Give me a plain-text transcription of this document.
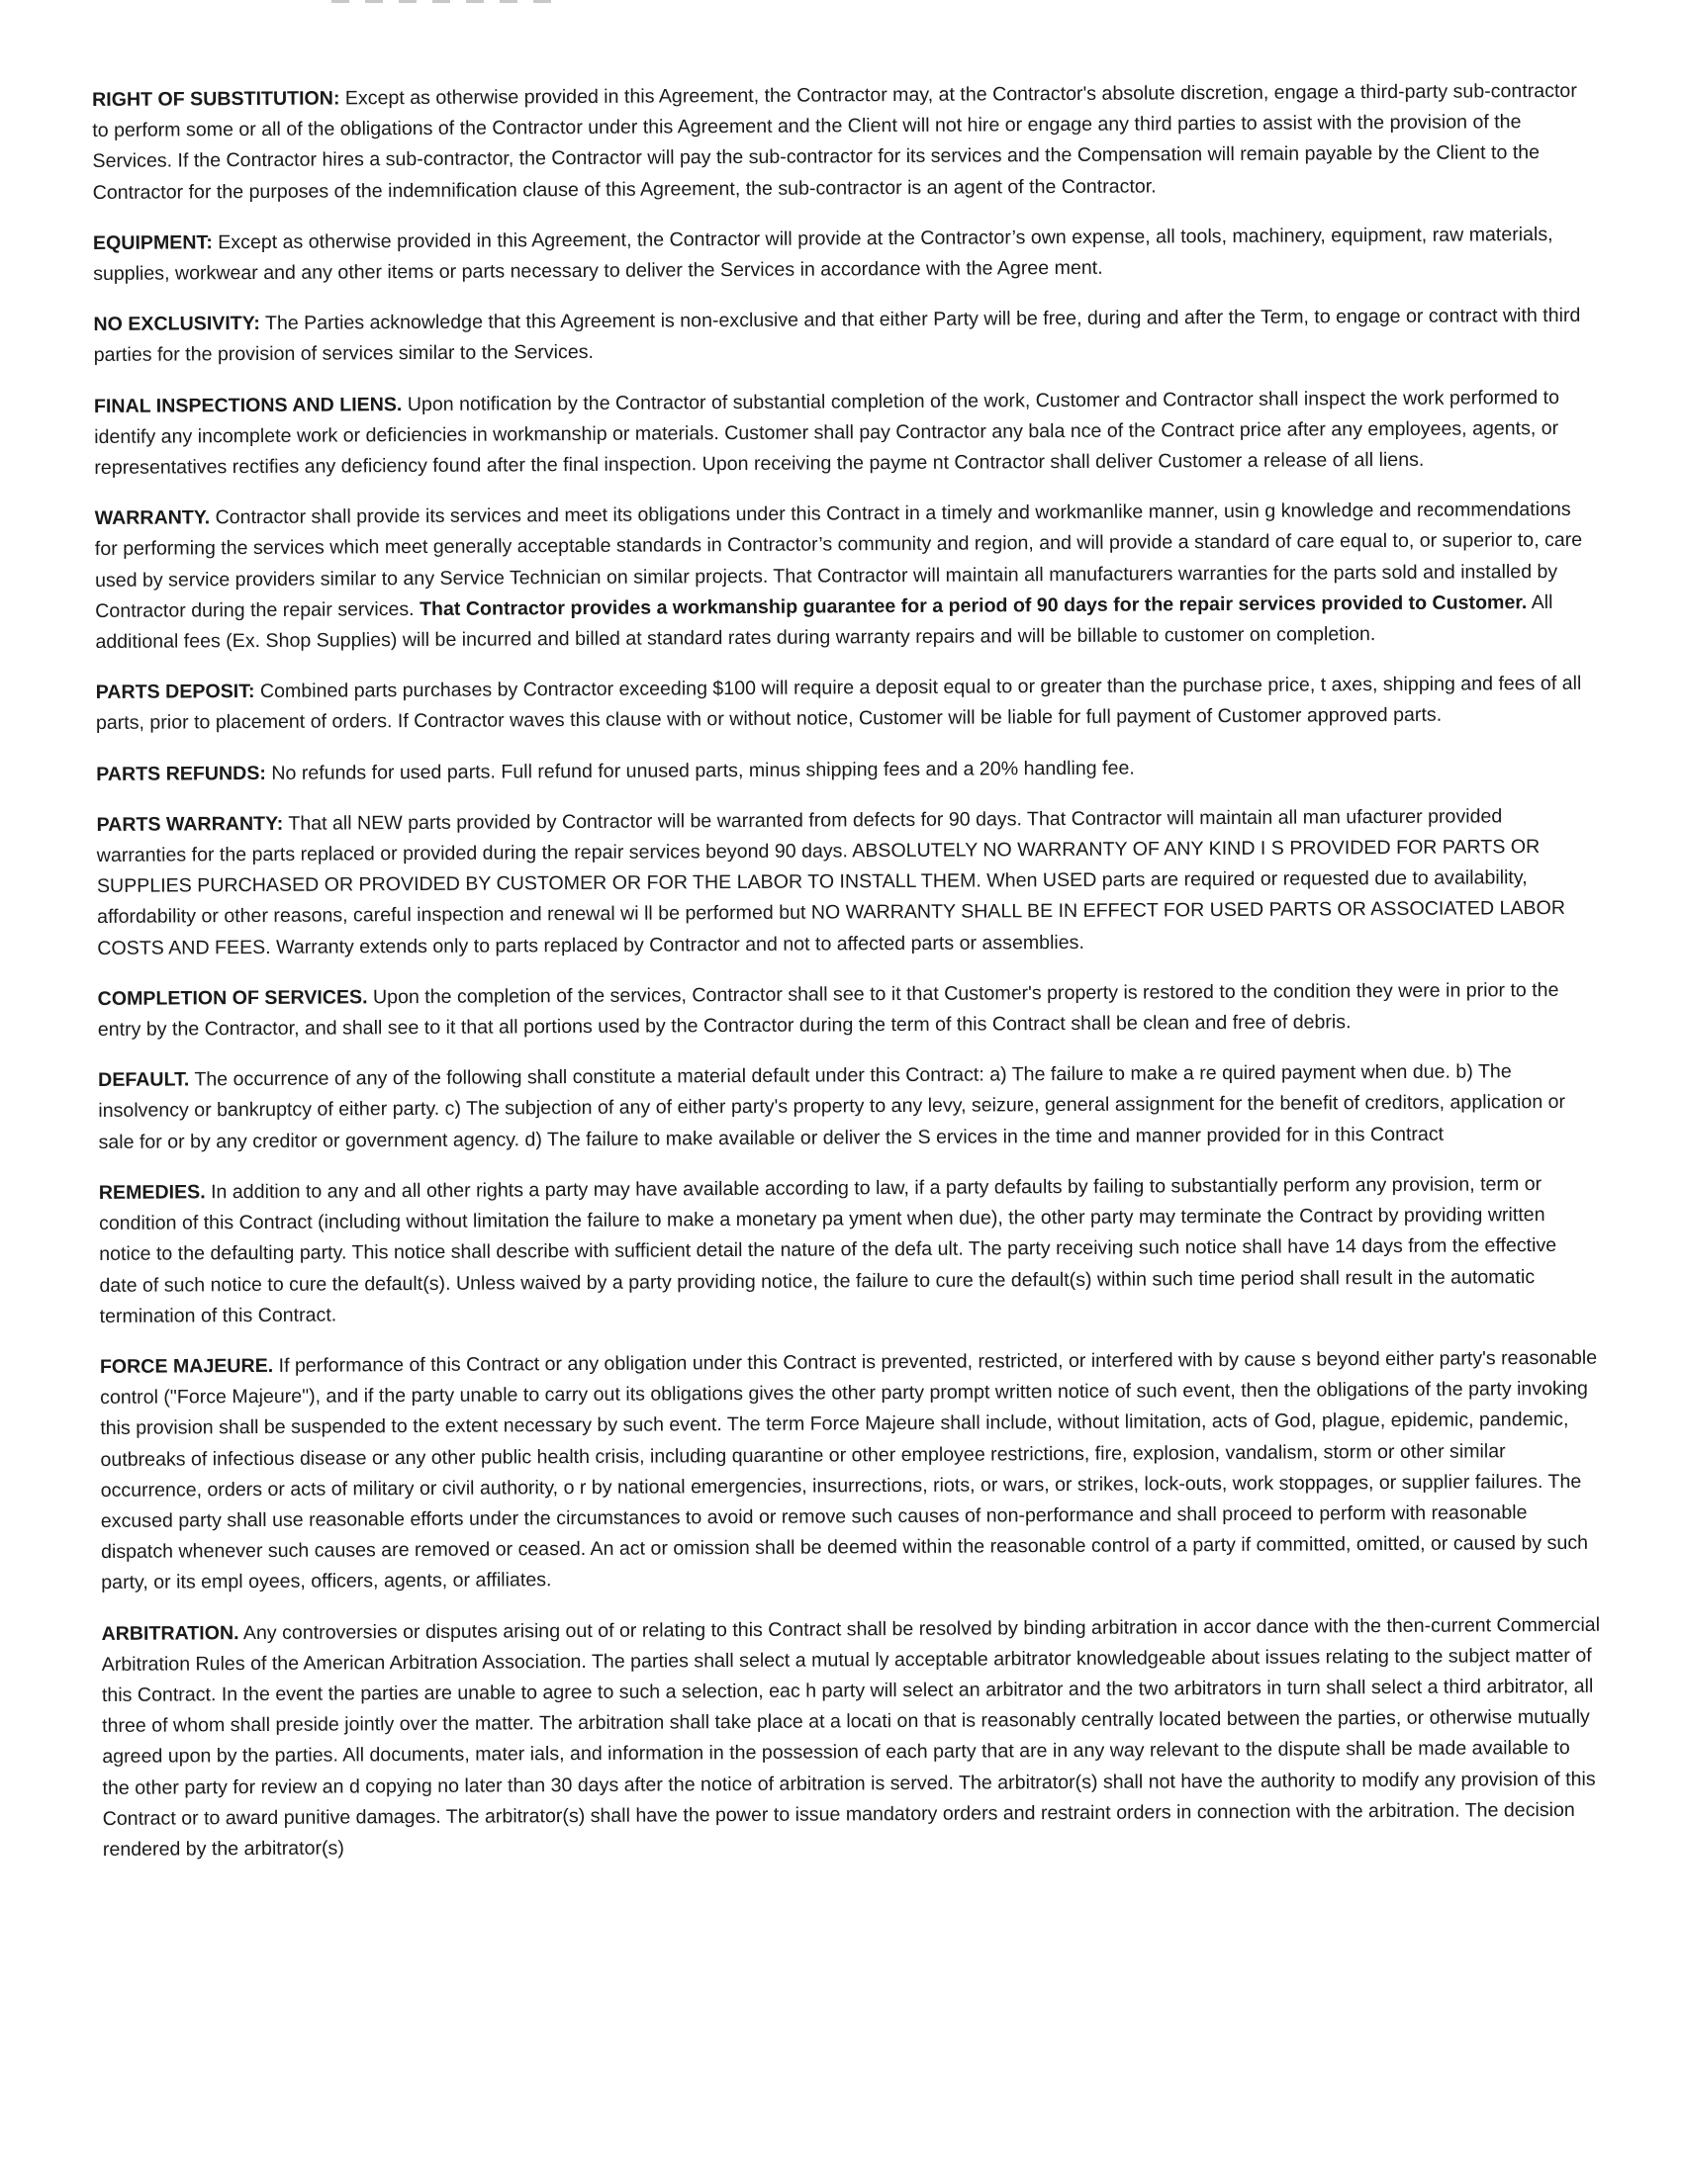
RIGHT OF SUBSTITUTION: Except as otherwise provided in this Agreement, the Contractor may, at the Contractor's absolute discretion, engage a third-party sub-contractor to perform some or all of the obligations of the Contractor under this Agreement and the Client will not hire or engage any third parties to assist with the provision of the Services. If the Contractor hires a sub-contractor, the Contractor will pay the sub-contractor for its services and the Compensation will remain payable by the Client to the Contractor for the purposes of the indemnification clause of this Agreement, the sub-contractor is an agent of the Contractor.

EQUIPMENT: Except as otherwise provided in this Agreement, the Contractor will provide at the Contractor’s own expense, all tools, machinery, equipment, raw materials, supplies, workwear and any other items or parts necessary to deliver the Services in accordance with the Agree ment.

NO EXCLUSIVITY: The Parties acknowledge that this Agreement is non-exclusive and that either Party will be free, during and after the Term, to engage or contract with third parties for the provision of services similar to the Services.

FINAL INSPECTIONS AND LIENS. Upon notification by the Contractor of substantial completion of the work, Customer and Contractor shall inspect the work performed to identify any incomplete work or deficiencies in workmanship or materials. Customer shall pay Contractor any bala nce of the Contract price after any employees, agents, or representatives rectifies any deficiency found after the final inspection. Upon receiving the payme nt Contractor shall deliver Customer a release of all liens.

WARRANTY. Contractor shall provide its services and meet its obligations under this Contract in a timely and workmanlike manner, usin g knowledge and recommendations for performing the services which meet generally acceptable standards in Contractor’s community and region, and will provide a standard of care equal to, or superior to, care used by service providers similar to any Service Technician on similar projects. That Contractor will maintain all manufacturers warranties for the parts sold and installed by Contractor during the repair services. That Contractor provides a workmanship guarantee for a period of 90 days for the repair services provided to Customer. All additional fees (Ex. Shop Supplies) will be incurred and billed at standard rates during warranty repairs and will be billable to customer on completion.

PARTS DEPOSIT: Combined parts purchases by Contractor exceeding $100 will require a deposit equal to or greater than the purchase price, t axes, shipping and fees of all parts, prior to placement of orders. If Contractor waves this clause with or without notice, Customer will be liable for full payment of Customer approved parts.

PARTS REFUNDS: No refunds for used parts. Full refund for unused parts, minus shipping fees and a 20% handling fee.

PARTS WARRANTY: That all NEW parts provided by Contractor will be warranted from defects for 90 days. That Contractor will maintain all man ufacturer provided warranties for the parts replaced or provided during the repair services beyond 90 days. ABSOLUTELY NO WARRANTY OF ANY KIND I S PROVIDED FOR PARTS OR SUPPLIES PURCHASED OR PROVIDED BY CUSTOMER OR FOR THE LABOR TO INSTALL THEM. When USED parts are required or requested due to availability, affordability or other reasons, careful inspection and renewal wi ll be performed but NO WARRANTY SHALL BE IN EFFECT FOR USED PARTS OR ASSOCIATED LABOR COSTS AND FEES. Warranty extends only to parts replaced by Contractor and not to affected parts or assemblies.

COMPLETION OF SERVICES. Upon the completion of the services, Contractor shall see to it that Customer's property is restored to the condition they were in prior to the entry by the Contractor, and shall see to it that all portions used by the Contractor during the term of this Contract shall be clean and free of debris.

DEFAULT. The occurrence of any of the following shall constitute a material default under this Contract: a) The failure to make a re quired payment when due. b) The insolvency or bankruptcy of either party. c) The subjection of any of either party's property to any levy, seizure, general assignment for the benefit of creditors, application or sale for or by any creditor or government agency. d) The failure to make available or deliver the S ervices in the time and manner provided for in this Contract

REMEDIES. In addition to any and all other rights a party may have available according to law, if a party defaults by failing to substantially perform any provision, term or condition of this Contract (including without limitation the failure to make a monetary pa yment when due), the other party may terminate the Contract by providing written notice to the defaulting party. This notice shall describe with sufficient detail the nature of the defa ult. The party receiving such notice shall have 14 days from the effective date of such notice to cure the default(s). Unless waived by a party providing notice, the failure to cure the default(s) within such time period shall result in the automatic termination of this Contract.

FORCE MAJEURE. If performance of this Contract or any obligation under this Contract is prevented, restricted, or interfered with by cause s beyond either party's reasonable control ("Force Majeure"), and if the party unable to carry out its obligations gives the other party prompt written notice of such event, then the obligations of the party invoking this provision shall be suspended to the extent necessary by such event. The term Force Majeure shall include, without limitation, acts of God, plague, epidemic, pandemic, outbreaks of infectious disease or any other public health crisis, including quarantine or other employee restrictions, fire, explosion, vandalism, storm or other similar occurrence, orders or acts of military or civil authority, o r by national emergencies, insurrections, riots, or wars, or strikes, lock-outs, work stoppages, or supplier failures. The excused party shall use reasonable efforts under the circumstances to avoid or remove such causes of non-performance and shall proceed to perform with reasonable dispatch whenever such causes are removed or ceased. An act or omission shall be deemed within the reasonable control of a party if committed, omitted, or caused by such party, or its empl oyees, officers, agents, or affiliates.

ARBITRATION. Any controversies or disputes arising out of or relating to this Contract shall be resolved by binding arbitration in accor dance with the then-current Commercial Arbitration Rules of the American Arbitration Association. The parties shall select a mutual ly acceptable arbitrator knowledgeable about issues relating to the subject matter of this Contract. In the event the parties are unable to agree to such a selection, eac h party will select an arbitrator and the two arbitrators in turn shall select a third arbitrator, all three of whom shall preside jointly over the matter. The arbitration shall take place at a locati on that is reasonably centrally located between the parties, or otherwise mutually agreed upon by the parties. All documents, mater ials, and information in the possession of each party that are in any way relevant to the dispute shall be made available to the other party for review an d copying no later than 30 days after the notice of arbitration is served. The arbitrator(s) shall not have the authority to modify any provision of this Contract or to award punitive damages. The arbitrator(s) shall have the power to issue mandatory orders and restraint orders in connection with the arbitration. The decision rendered by the arbitrator(s)
